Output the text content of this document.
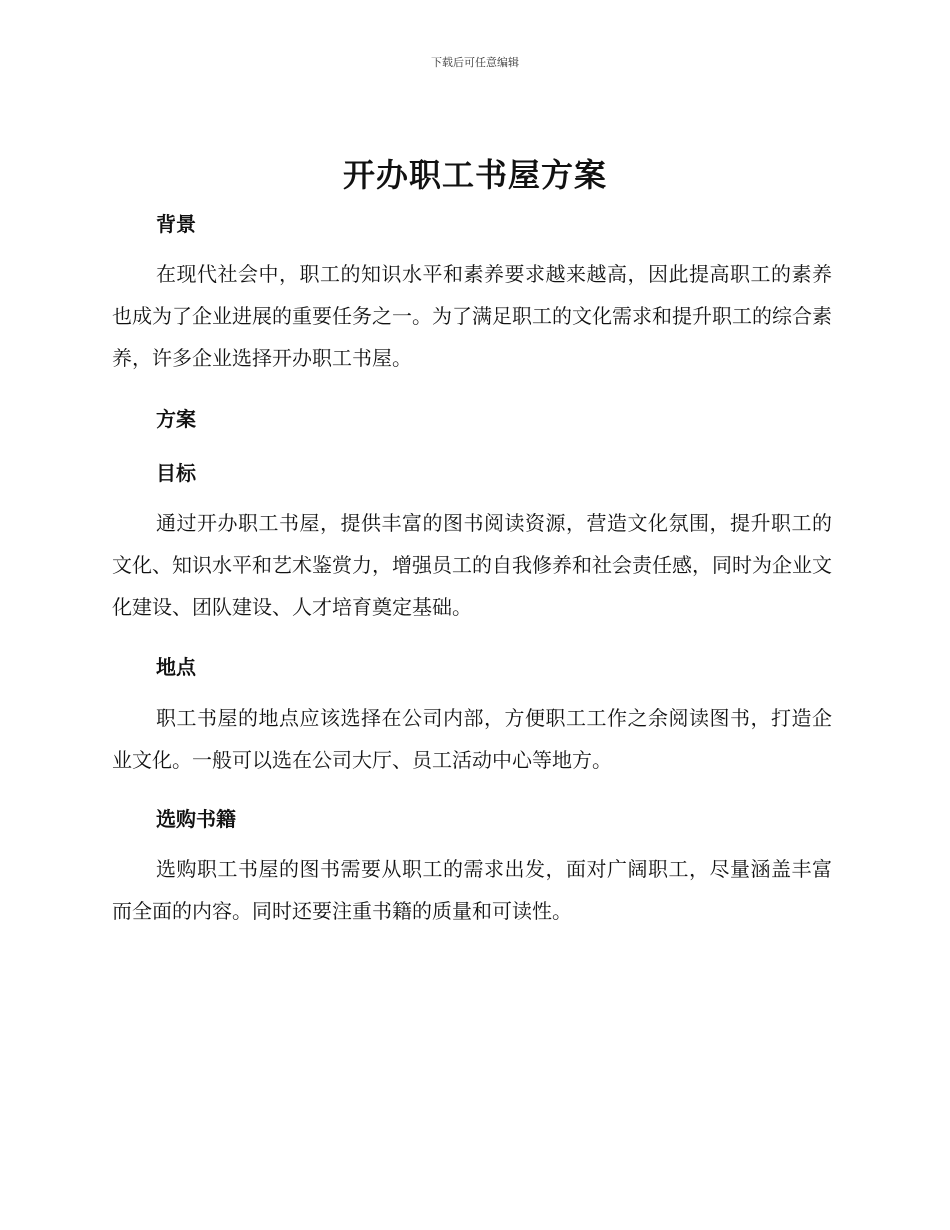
下载后可任意编辑
开办职工书屋方案
背景
在现代社会中，职工的知识水平和素养要求越来越高，因此提高职工的素养也成为了企业进展的重要任务之一。为了满足职工的文化需求和提升职工的综合素养，许多企业选择开办职工书屋。
方案
目标
通过开办职工书屋，提供丰富的图书阅读资源，营造文化氛围，提升职工的文化、知识水平和艺术鉴赏力，增强员工的自我修养和社会责任感，同时为企业文化建设、团队建设、人才培育奠定基础。
地点
职工书屋的地点应该选择在公司内部，方便职工工作之余阅读图书，打造企业文化。一般可以选在公司大厅、员工活动中心等地方。
选购书籍
选购职工书屋的图书需要从职工的需求出发，面对广阔职工，尽量涵盖丰富而全面的内容。同时还要注重书籍的质量和可读性。
